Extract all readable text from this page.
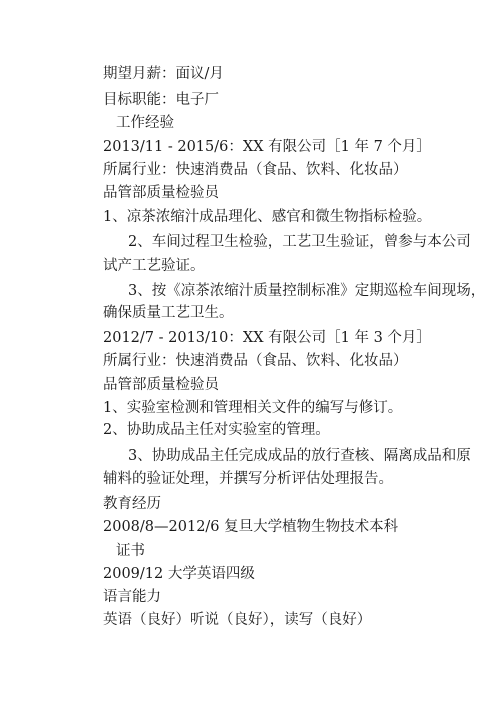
期望月薪：面议/月
目标职能：电子厂
工作经验
2013/11 - 2015/6：XX 有限公司［1 年 7 个月］
所属行业：快速消费品（食品、饮料、化妆品）
品管部质量检验员
1、凉茶浓缩汁成品理化、感官和微生物指标检验。
2、车间过程卫生检验，工艺卫生验证，曾参与本公司
试产工艺验证。
3、按《凉茶浓缩汁质量控制标准》定期巡检车间现场，
确保质量工艺卫生。
2012/7 - 2013/10：XX 有限公司［1 年 3 个月］
所属行业：快速消费品（食品、饮料、化妆品）
品管部质量检验员
1、实验室检测和管理相关文件的编写与修订。
2、协助成品主任对实验室的管理。
3、协助成品主任完成成品的放行查核、隔离成品和原
辅料的验证处理，并撰写分析评估处理报告。
教育经历
2008/8—2012/6 复旦大学植物生物技术本科
证书
2009/12 大学英语四级
语言能力
英语（良好）听说（良好），读写（良好）
